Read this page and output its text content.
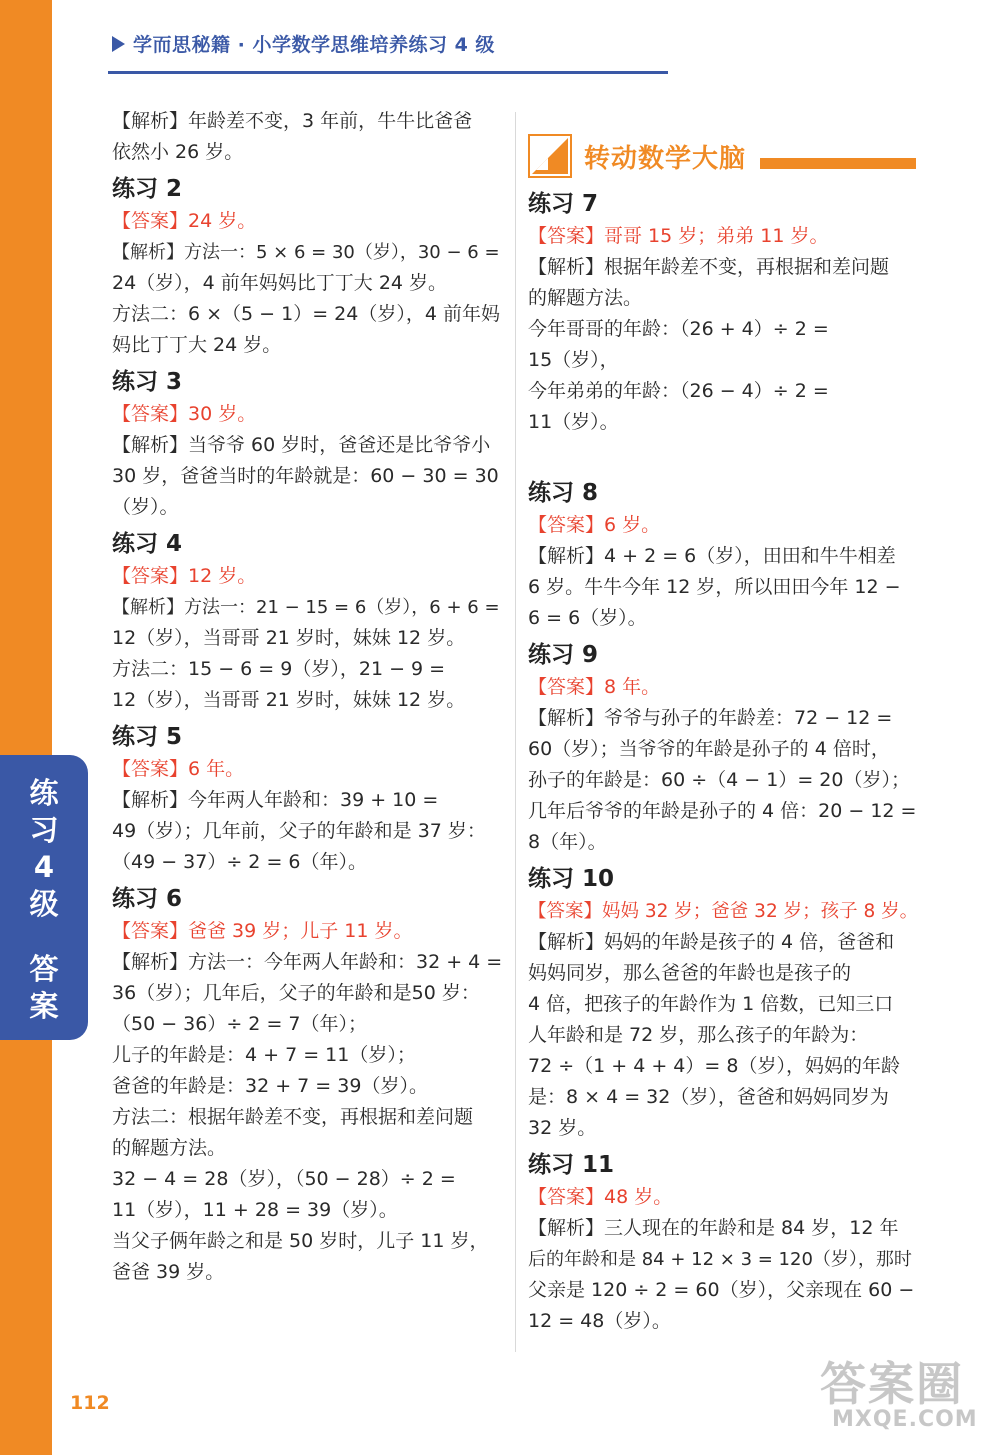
练
习
4
级
答
案
学而思秘籍 · 小学数学思维培养练习 4 级
【解析】年龄差不变，3 年前，牛牛比爸爸
依然小 26 岁。
练习 2
【答案】24 岁。
【解析】方法一：5 × 6 = 30（岁），30 − 6 =
24（岁），4 前年妈妈比丁丁大 24 岁。
方法二：6 ×（5 − 1）= 24（岁），4 前年妈
妈比丁丁大 24 岁。
练习 3
【答案】30 岁。
【解析】当爷爷 60 岁时，爸爸还是比爷爷小
30 岁，爸爸当时的年龄就是：60 − 30 = 30
（岁）。
练习 4
【答案】12 岁。
【解析】方法一：21 − 15 = 6（岁），6 + 6 =
12（岁），当哥哥 21 岁时，妹妹 12 岁。
方法二：15 − 6 = 9（岁），21 − 9 =
12（岁），当哥哥 21 岁时，妹妹 12 岁。
练习 5
【答案】6 年。
【解析】今年两人年龄和：39 + 10 =
49（岁）；几年前，父子的年龄和是 37 岁：
（49 − 37）÷ 2 = 6（年）。
练习 6
【答案】爸爸 39 岁；儿子 11 岁。
【解析】方法一：今年两人年龄和：32 + 4 =
36（岁）；几年后，父子的年龄和是50 岁：
（50 − 36）÷ 2 = 7（年）；
儿子的年龄是：4 + 7 = 11（岁）；
爸爸的年龄是：32 + 7 = 39（岁）。
方法二：根据年龄差不变，再根据和差问题
的解题方法。
32 − 4 = 28（岁），（50 − 28）÷ 2 =
11（岁），11 + 28 = 39（岁）。
当父子俩年龄之和是 50 岁时，儿子 11 岁，
爸爸 39 岁。
转动数学大脑
练习 7
【答案】哥哥 15 岁；弟弟 11 岁。
【解析】根据年龄差不变，再根据和差问题
的解题方法。
今年哥哥的年龄：（26 + 4）÷ 2 =
15（岁），
今年弟弟的年龄：（26 − 4）÷ 2 =
11（岁）。
练习 8
【答案】6 岁。
【解析】4 + 2 = 6（岁），田田和牛牛相差
6 岁。牛牛今年 12 岁，所以田田今年 12 −
6 = 6（岁）。
练习 9
【答案】8 年。
【解析】爷爷与孙子的年龄差：72 − 12 =
60（岁）；当爷爷的年龄是孙子的 4 倍时，
孙子的年龄是：60 ÷（4 − 1）= 20（岁）；
几年后爷爷的年龄是孙子的 4 倍：20 − 12 =
8（年）。
练习 10
【答案】妈妈 32 岁；爸爸 32 岁；孩子 8 岁。
【解析】妈妈的年龄是孩子的 4 倍，爸爸和
妈妈同岁，那么爸爸的年龄也是孩子的
4 倍，把孩子的年龄作为 1 倍数，已知三口
人年龄和是 72 岁，那么孩子的年龄为：
72 ÷（1 + 4 + 4）= 8（岁），妈妈的年龄
是：8 × 4 = 32（岁），爸爸和妈妈同岁为
32 岁。
练习 11
【答案】48 岁。
【解析】三人现在的年龄和是 84 岁，12 年
后的年龄和是 84 + 12 × 3 = 120（岁），那时
父亲是 120 ÷ 2 = 60（岁），父亲现在 60 −
12 = 48（岁）。
112	答案圈
MXQE.COM
